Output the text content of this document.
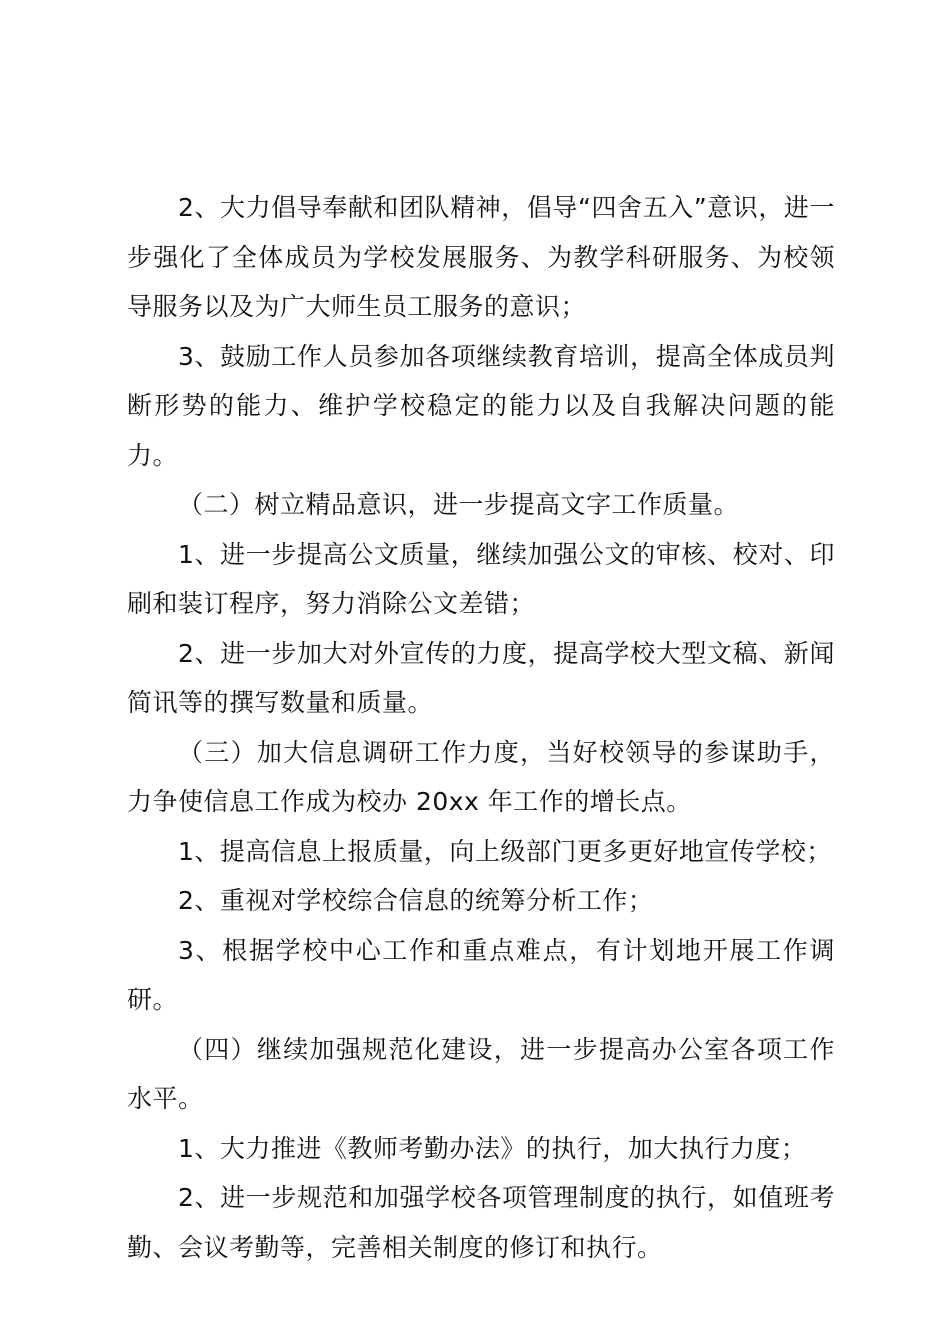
2、大力倡导奉献和团队精神，倡导“四舍五入”意识，进一步强化了全体成员为学校发展服务、为教学科研服务、为校领导服务以及为广大师生员工服务的意识；

3、鼓励工作人员参加各项继续教育培训，提高全体成员判断形势的能力、维护学校稳定的能力以及自我解决问题的能力。

（二）树立精品意识，进一步提高文字工作质量。

1、进一步提高公文质量，继续加强公文的审核、校对、印刷和装订程序，努力消除公文差错；

2、进一步加大对外宣传的力度，提高学校大型文稿、新闻简讯等的撰写数量和质量。

（三）加大信息调研工作力度，当好校领导的参谋助手，力争使信息工作成为校办 20xx 年工作的增长点。

1、提高信息上报质量，向上级部门更多更好地宣传学校；

2、重视对学校综合信息的统筹分析工作；

3、根据学校中心工作和重点难点，有计划地开展工作调研。

（四）继续加强规范化建设，进一步提高办公室各项工作水平。

1、大力推进《教师考勤办法》的执行，加大执行力度；

2、进一步规范和加强学校各项管理制度的执行，如值班考勤、会议考勤等，完善相关制度的修订和执行。
